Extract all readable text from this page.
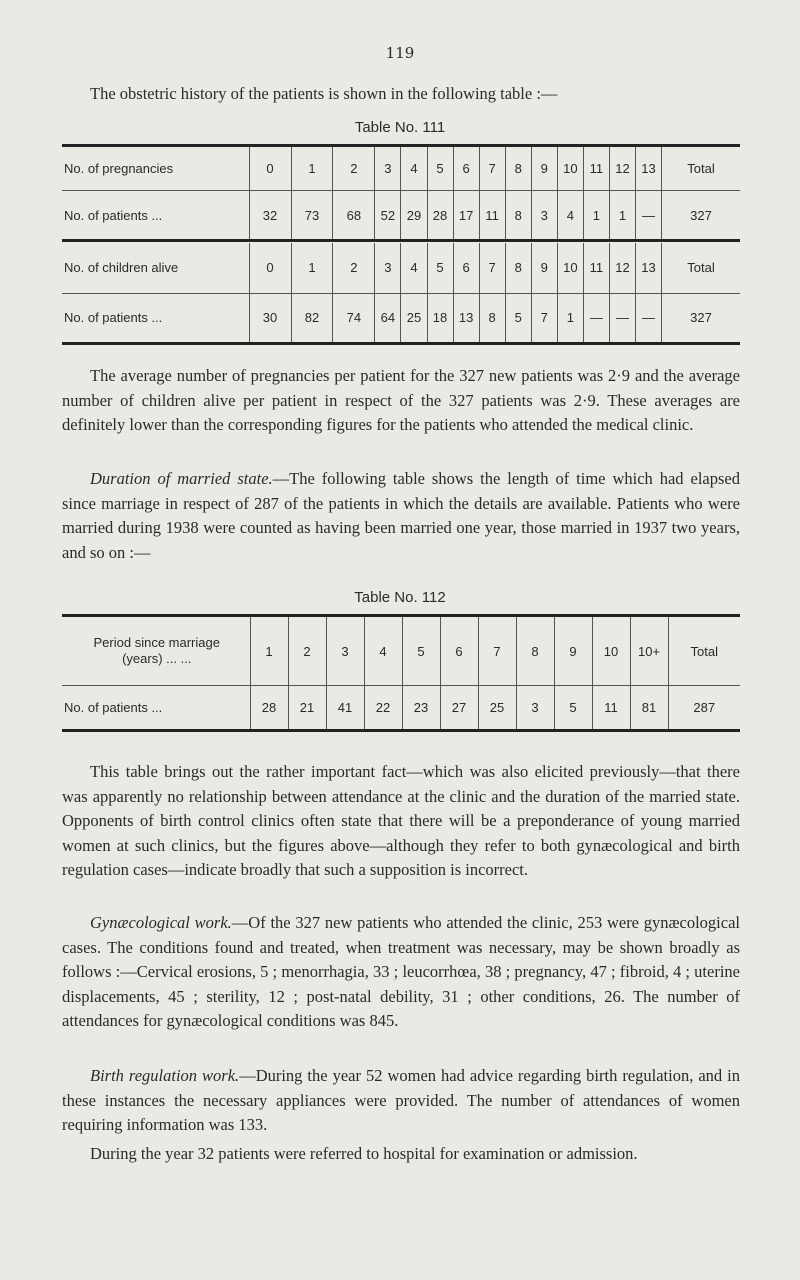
119
The obstetric history of the patients is shown in the following table :—
Table No. 111
No. of pregnancies	0	1	2	3	4	5	6	7	8	9	10	11	12	13	Total
No. of patients ...	32	73	68	52	29	28	17	11	8	3	4	1	1	—	327
No. of children alive	0	1	2	3	4	5	6	7	8	9	10	11	12	13	Total
No. of patients ...	30	82	74	64	25	18	13	8	5	7	1	—	—	—	327

The average number of pregnancies per patient for the 327 new patients was 2·9 and the average number of children alive per patient in respect of the 327 patients was 2·9. These averages are definitely lower than the corresponding figures for the patients who attended the medical clinic.

Duration of married state.—The following table shows the length of time which had elapsed since marriage in respect of 287 of the patients in which the details are available. Patients who were married during 1938 were counted as having been married one year, those married in 1937 two years, and so on :—

Table No. 112
Period since marriage
(years) ... ...	1	2	3	4	5	6	7	8	9	10	10+	Total
No. of patients ...	28	21	41	22	23	27	25	3	5	11	81	287

This table brings out the rather important fact—which was also elicited previously—that there was apparently no relationship between attendance at the clinic and the duration of the married state. Opponents of birth control clinics often state that there will be a preponderance of young married women at such clinics, but the figures above—although they refer to both gynæcological and birth regulation cases—indicate broadly that such a supposition is incorrect.

Gynæcological work.—Of the 327 new patients who attended the clinic, 253 were gynæcological cases. The conditions found and treated, when treatment was necessary, may be shown broadly as follows :—Cervical erosions, 5 ; menorrhagia, 33 ; leucorrhœa, 38 ; pregnancy, 47 ; fibroid, 4 ; uterine displacements, 45 ; sterility, 12 ; post-natal debility, 31 ; other conditions, 26. The number of attendances for gynæcological conditions was 845.

Birth regulation work.—During the year 52 women had advice regarding birth regulation, and in these instances the necessary appliances were provided. The number of attendances of women requiring information was 133.

During the year 32 patients were referred to hospital for examination or admission.
